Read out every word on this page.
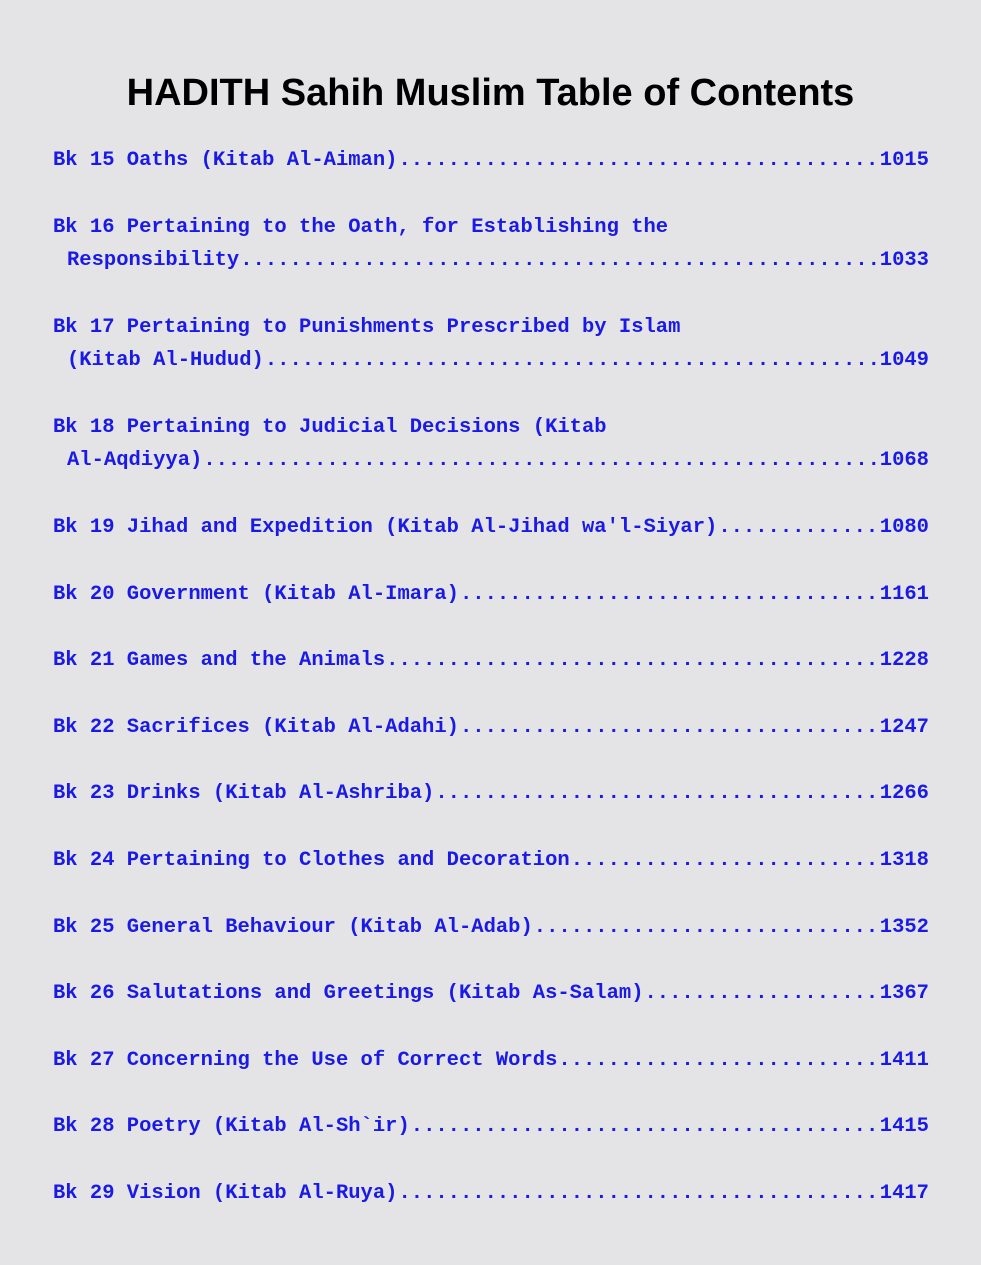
HADITH Sahih Muslim Table of Contents
Bk 15 Oaths (Kitab Al-Aiman) .....	1015
Bk 16 Pertaining to the Oath, for Establishing the
Responsibility .....	1033
Bk 17 Pertaining to Punishments Prescribed by Islam
(Kitab Al-Hudud) .....	1049
Bk 18 Pertaining to Judicial Decisions (Kitab
Al-Aqdiyya) .....	1068
Bk 19 Jihad and Expedition (Kitab Al-Jihad wa'l-Siyar) .....	1080
Bk 20 Government (Kitab Al-Imara) .....	1161
Bk 21 Games and the Animals .....	1228
Bk 22 Sacrifices (Kitab Al-Adahi) .....	1247
Bk 23 Drinks (Kitab Al-Ashriba) .....	1266
Bk 24 Pertaining to Clothes and Decoration .....	1318
Bk 25 General Behaviour (Kitab Al-Adab) .....	1352
Bk 26 Salutations and Greetings (Kitab As-Salam) .....	1367
Bk 27 Concerning the Use of Correct Words .....	1411
Bk 28 Poetry (Kitab Al-Sh`ir) .....	1415
Bk 29 Vision (Kitab Al-Ruya) .....	1417
